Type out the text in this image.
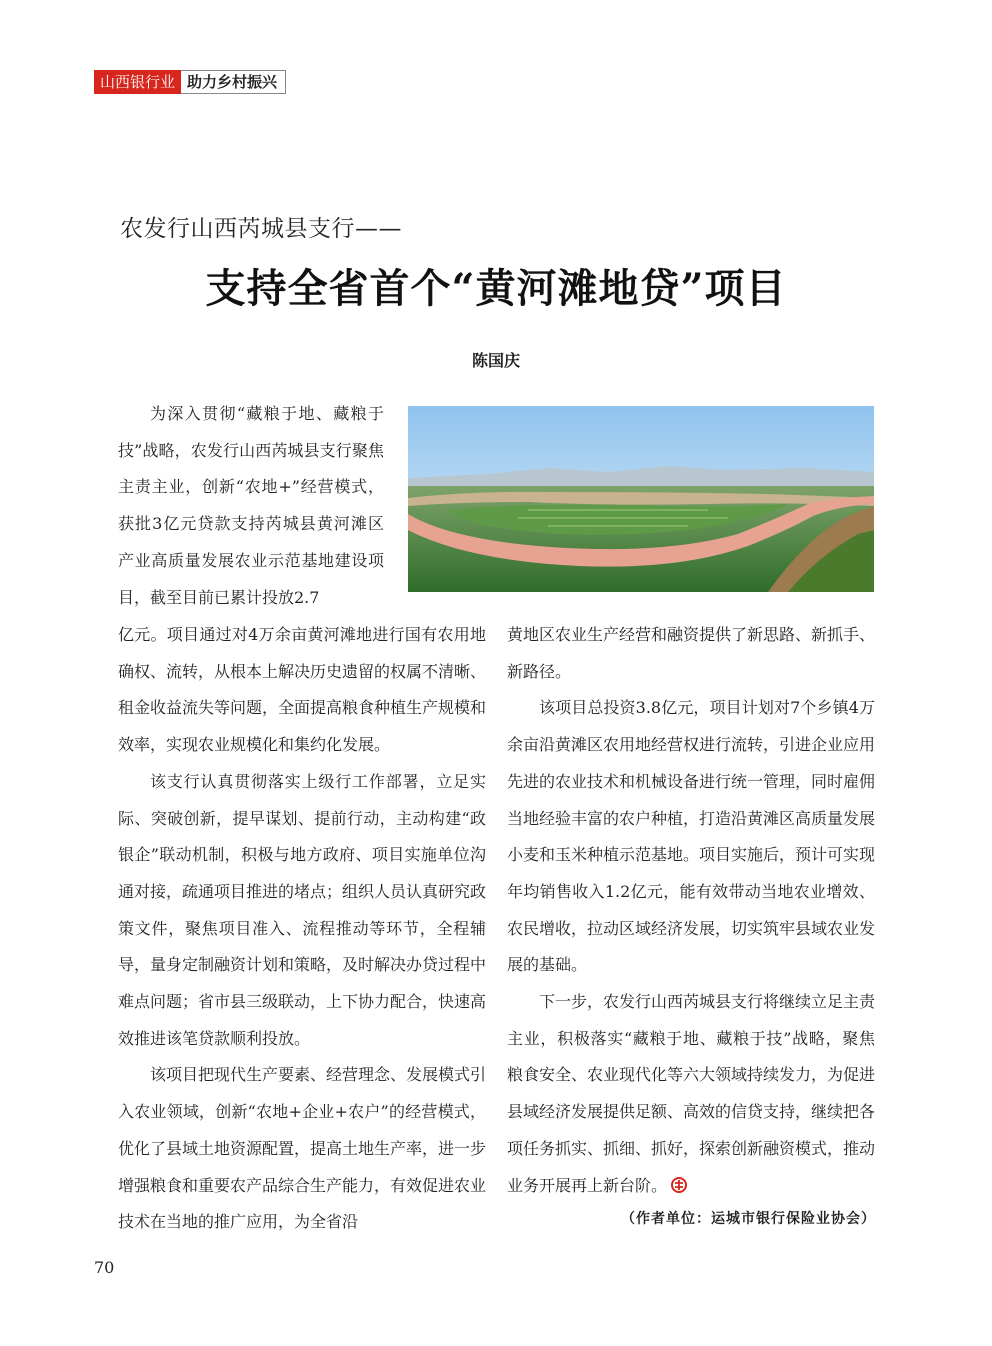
山西银行业 助力乡村振兴
农发行山西芮城县支行——
支持全省首个“黄河滩地贷”项目
陈国庆

为深入贯彻“藏粮于地、藏粮于技”战略，农发行山西芮城县支行聚焦主责主业，创新“农地+”经营模式，获批3亿元贷款支持芮城县黄河滩区产业高质量发展农业示范基地建设项目，截至目前已累计投放2.7

亿元。项目通过对4万余亩黄河滩地进行国有农用地确权、流转，从根本上解决历史遗留的权属不清晰、租金收益流失等问题，全面提高粮食种植生产规模和效率，实现农业规模化和集约化发展。

该支行认真贯彻落实上级行工作部署，立足实际、突破创新，提早谋划、提前行动，主动构建“政银企”联动机制，积极与地方政府、项目实施单位沟通对接，疏通项目推进的堵点；组织人员认真研究政策文件，聚焦项目准入、流程推动等环节，全程辅导，量身定制融资计划和策略，及时解决办贷过程中难点问题；省市县三级联动，上下协力配合，快速高效推进该笔贷款顺利投放。

该项目把现代生产要素、经营理念、发展模式引入农业领域，创新“农地+企业+农户”的经营模式，优化了县域土地资源配置，提高土地生产率，进一步增强粮食和重要农产品综合生产能力，有效促进农业技术在当地的推广应用，为全省沿

黄地区农业生产经营和融资提供了新思路、新抓手、新路径。

该项目总投资3.8亿元，项目计划对7个乡镇4万余亩沿黄滩区农用地经营权进行流转，引进企业应用先进的农业技术和机械设备进行统一管理，同时雇佣当地经验丰富的农户种植，打造沿黄滩区高质量发展小麦和玉米种植示范基地。项目实施后，预计可实现年均销售收入1.2亿元，能有效带动当地农业增效、农民增收，拉动区域经济发展，切实筑牢县域农业发展的基础。

下一步，农发行山西芮城县支行将继续立足主责主业，积极落实“藏粮于地、藏粮于技”战略，聚焦粮食安全、农业现代化等六大领域持续发力，为促进县域经济发展提供足额、高效的信贷支持，继续把各项任务抓实、抓细、抓好，探索创新融资模式，推动业务开展再上新台阶。

（作者单位：运城市银行保险业协会）
70
